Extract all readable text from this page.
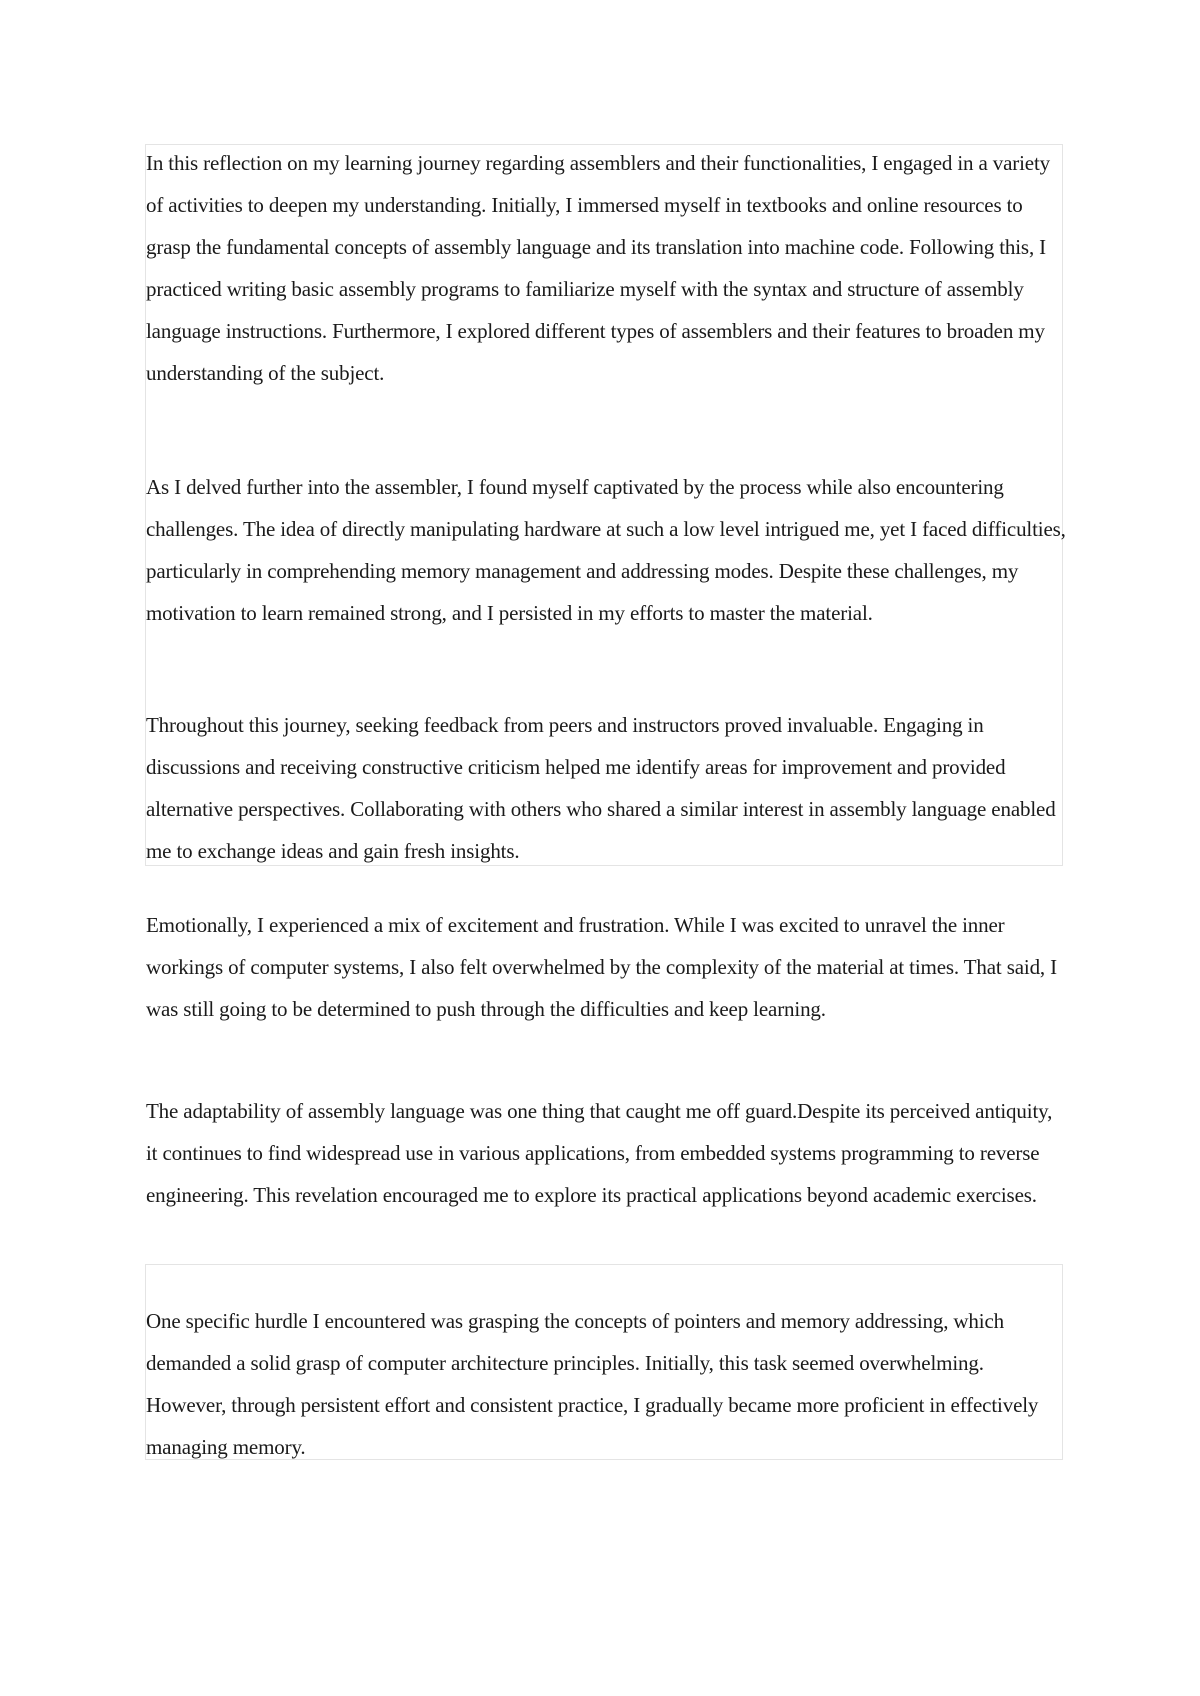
In this reflection on my learning journey regarding assemblers and their functionalities, I engaged in a variety of activities to deepen my understanding. Initially, I immersed myself in textbooks and online resources to grasp the fundamental concepts of assembly language and its translation into machine code. Following this, I practiced writing basic assembly programs to familiarize myself with the syntax and structure of assembly language instructions. Furthermore, I explored different types of assemblers and their features to broaden my understanding of the subject.

As I delved further into the assembler, I found myself captivated by the process while also encountering challenges. The idea of directly manipulating hardware at such a low level intrigued me, yet I faced difficulties, particularly in comprehending memory management and addressing modes. Despite these challenges, my motivation to learn remained strong, and I persisted in my efforts to master the material.

Throughout this journey, seeking feedback from peers and instructors proved invaluable. Engaging in discussions and receiving constructive criticism helped me identify areas for improvement and provided alternative perspectives. Collaborating with others who shared a similar interest in assembly language enabled me to exchange ideas and gain fresh insights.

Emotionally, I experienced a mix of excitement and frustration. While I was excited to unravel the inner workings of computer systems, I also felt overwhelmed by the complexity of the material at times. That said, I was still going to be determined to push through the difficulties and keep learning.

The adaptability of assembly language was one thing that caught me off guard.Despite its perceived antiquity, it continues to find widespread use in various applications, from embedded systems programming to reverse engineering. This revelation encouraged me to explore its practical applications beyond academic exercises.

One specific hurdle I encountered was grasping the concepts of pointers and memory addressing, which demanded a solid grasp of computer architecture principles. Initially, this task seemed overwhelming. However, through persistent effort and consistent practice, I gradually became more proficient in effectively managing memory.
